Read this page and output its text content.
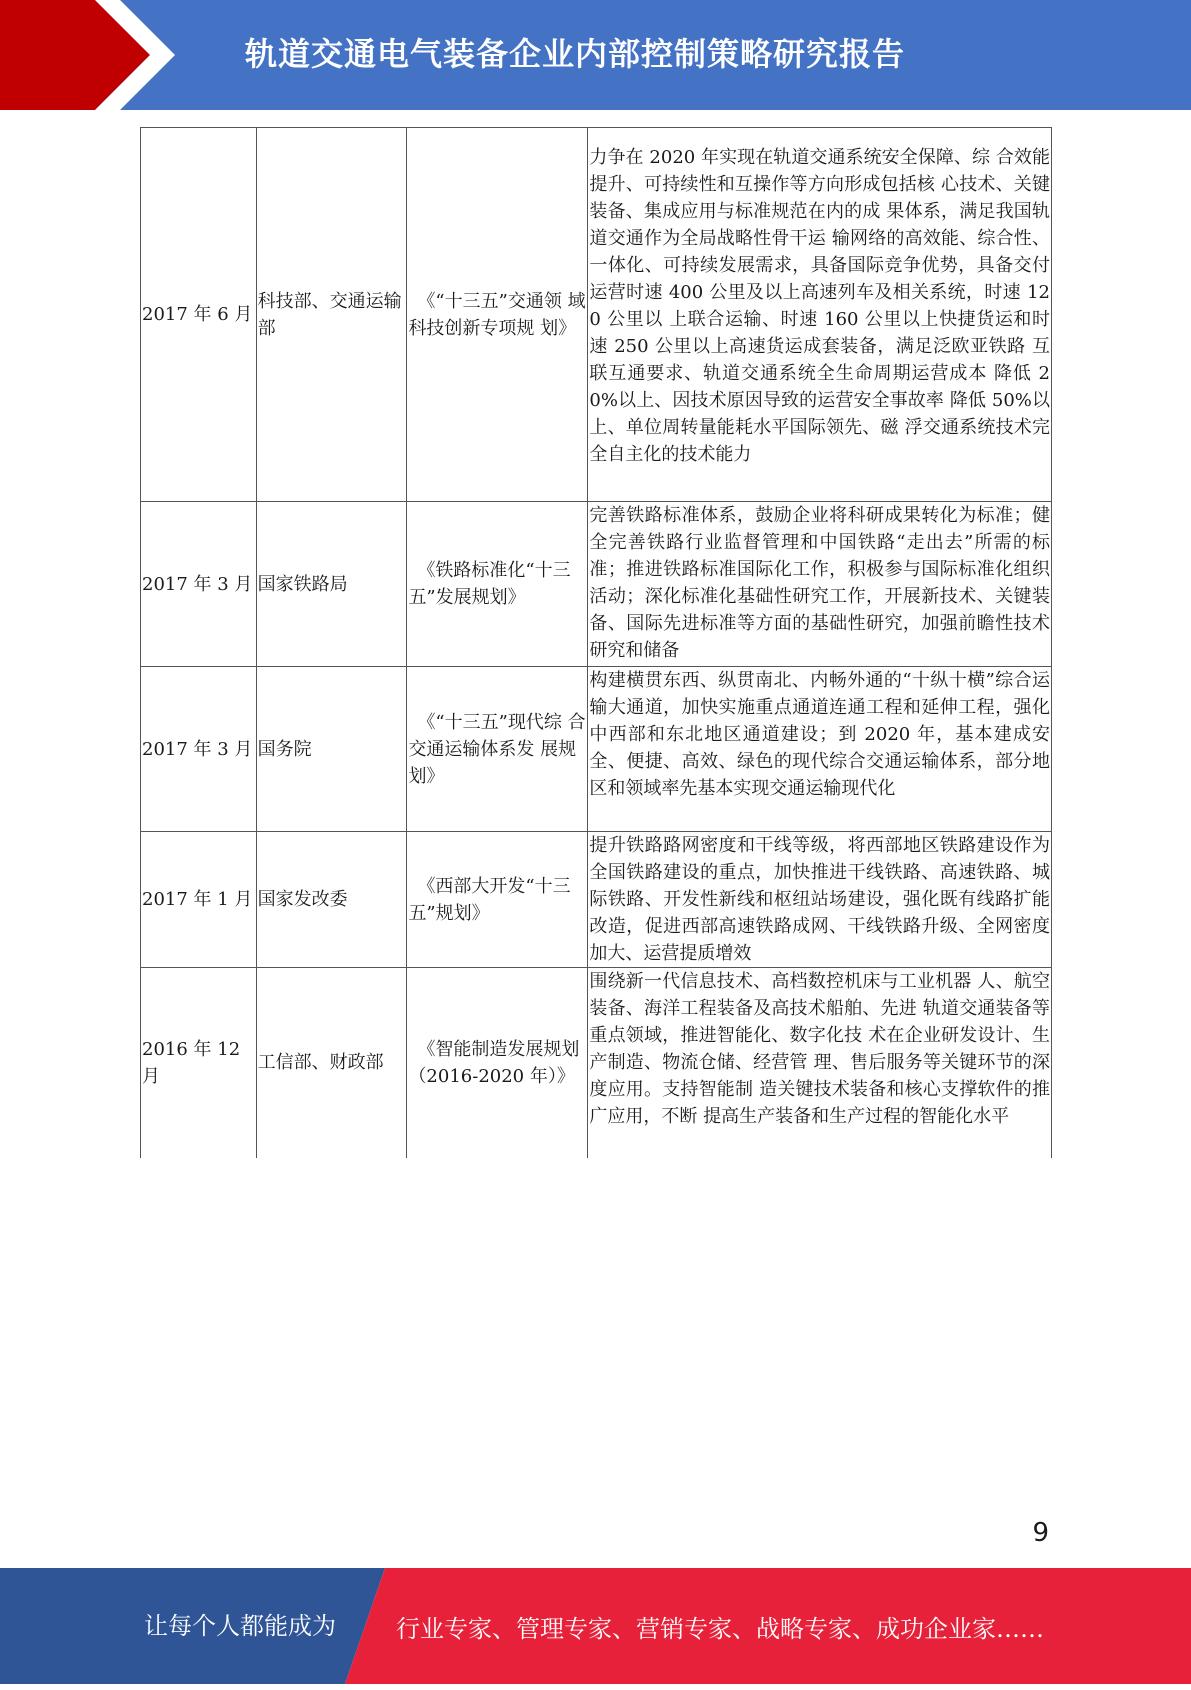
轨道交通电气装备企业内部控制策略研究报告
2017 年 6 月	科技部、交通运输部	《“十三五”交通领 域科技创新专项规 划》	力争在 2020 年实现在轨道交通系统安全保障、综 合效能提升、可持续性和互操作等方向形成包括核 心技术、关键装备、集成应用与标准规范在内的成 果体系，满足我国轨道交通作为全局战略性骨干运 输网络的高效能、综合性、一体化、可持续发展需求，具备国际竞争优势，具备交付运营时速 400 公里及以上高速列车及相关系统，时速 120 公里以 上联合运输、时速 160 公里以上快捷货运和时速 250 公里以上高速货运成套装备，满足泛欧亚铁路 互联互通要求、轨道交通系统全生命周期运营成本 降低 20%以上、因技术原因导致的运营安全事故率 降低 50%以上、单位周转量能耗水平国际领先、磁 浮交通系统技术完全自主化的技术能力
2017 年 3 月	国家铁路局	《铁路标准化“十三五”发展规划》	完善铁路标准体系，鼓励企业将科研成果转化为标准；健全完善铁路行业监督管理和中国铁路“走出去”所需的标准；推进铁路标准国际化工作，积极参与国际标准化组织活动；深化标准化基础性研究工作，开展新技术、关键装备、国际先进标准等方面的基础性研究，加强前瞻性技术研究和储备
2017 年 3 月	国务院	《“十三五”现代综 合交通运输体系发 展规划》	构建横贯东西、纵贯南北、内畅外通的“十纵十横”综合运输大通道，加快实施重点通道连通工程和延伸工程，强化中西部和东北地区通道建设；到 2020 年，基本建成安全、便捷、高效、绿色的现代综合交通运输体系，部分地区和领域率先基本实现交通运输现代化
2017 年 1 月	国家发改委	《西部大开发“十三五”规划》	提升铁路路网密度和干线等级，将西部地区铁路建设作为全国铁路建设的重点，加快推进干线铁路、高速铁路、城际铁路、开发性新线和枢纽站场建设，强化既有线路扩能改造，促进西部高速铁路成网、干线铁路升级、全网密度加大、运营提质增效
2016 年 12 月	工信部、财政部	《智能制造发展规划（2016-2020 年）》	围绕新一代信息技术、高档数控机床与工业机器 人、航空装备、海洋工程装备及高技术船舶、先进 轨道交通装备等重点领域，推进智能化、数字化技 术在企业研发设计、生产制造、物流仓储、经营管 理、售后服务等关键环节的深度应用。支持智能制 造关键技术装备和核心支撑软件的推广应用，不断 提高生产装备和生产过程的智能化水平
9
让每个人都能成为	行业专家、管理专家、营销专家、战略专家、成功企业家……
